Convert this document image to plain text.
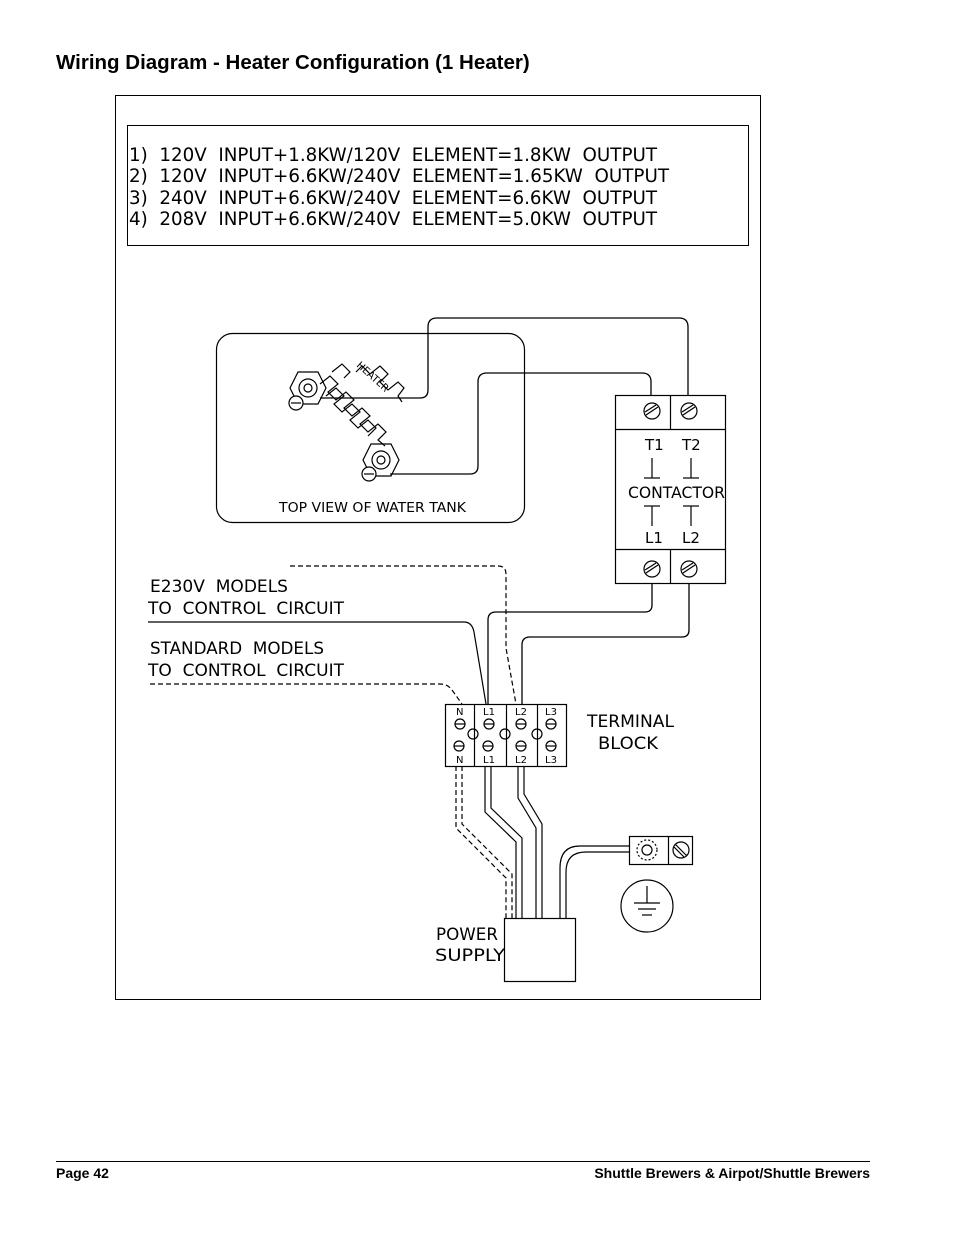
Wiring Diagram - Heater Configuration (1 Heater)
1)  120V  INPUT+1.8KW/120V  ELEMENT=1.8KW  OUTPUT
2)  120V  INPUT+6.6KW/240V  ELEMENT=1.65KW  OUTPUT
3)  240V  INPUT+6.6KW/240V  ELEMENT=6.6KW  OUTPUT
4)  208V  INPUT+6.6KW/240V  ELEMENT=5.0KW  OUTPUT
TOP VIEW OF WATER TANK
HEATER
T1 T2
CONTACTOR
L1 L2
E230V  MODELS
TO  CONTROL  CIRCUIT
STANDARD  MODELS
TO  CONTROL  CIRCUIT
N L1 L2 L3
N L1 L2 L3
TERMINAL
BLOCK
POWER
SUPPLY
Page 42	Shuttle Brewers & Airpot/Shuttle Brewers
